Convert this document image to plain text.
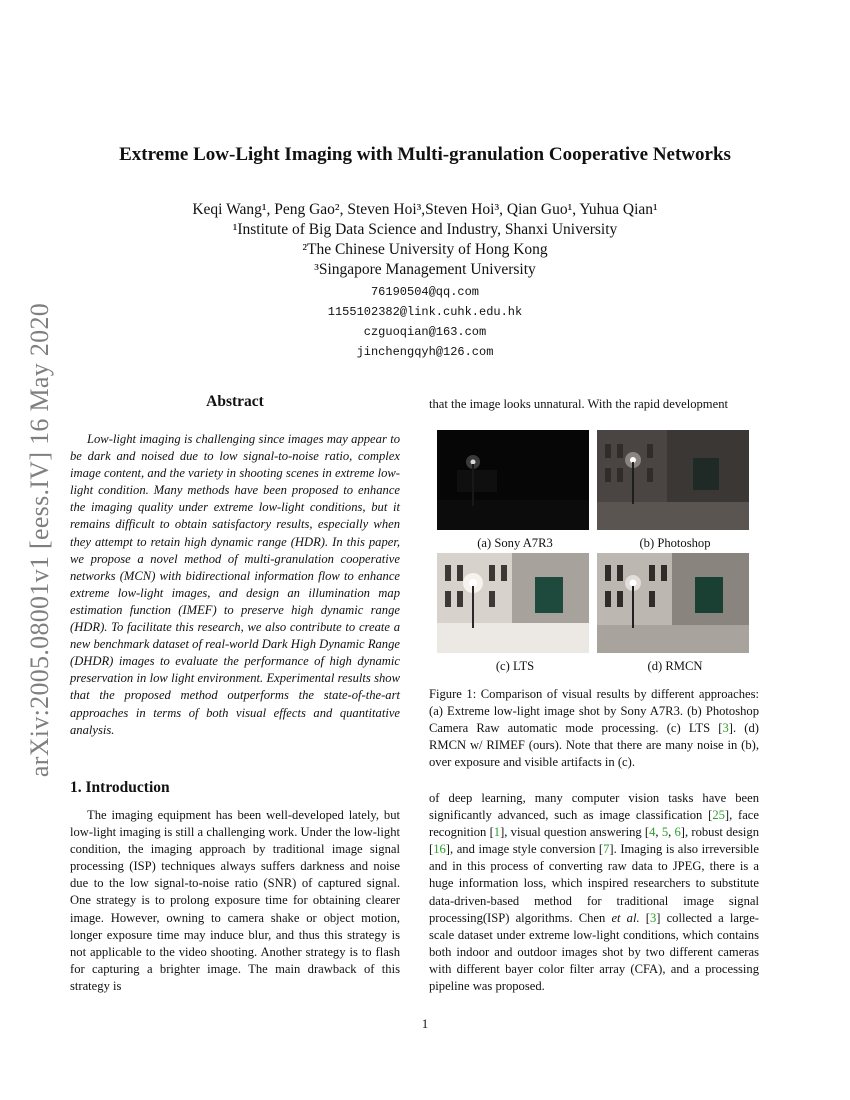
arXiv:2005.08001v1 [eess.IV] 16 May 2020
Extreme Low-Light Imaging with Multi-granulation Cooperative Networks
Keqi Wang¹, Peng Gao², Steven Hoi³,Steven Hoi³, Qian Guo¹, Yuhua Qian¹
¹Institute of Big Data Science and Industry, Shanxi University
²The Chinese University of Hong Kong
³Singapore Management University
76190504@qq.com
1155102382@link.cuhk.edu.hk
czguoqian@163.com
jinchengqyh@126.com
Abstract

Low-light imaging is challenging since images may appear to be dark and noised due to low signal-to-noise ratio, complex image content, and the variety in shooting scenes in extreme low-light condition. Many methods have been proposed to enhance the imaging quality under extreme low-light conditions, but it remains difficult to obtain satisfactory results, especially when they attempt to retain high dynamic range (HDR). In this paper, we propose a novel method of multi-granulation cooperative networks (MCN) with bidirectional information flow to enhance extreme low-light images, and design an illumination map estimation function (IMEF) to preserve high dynamic range (HDR). To facilitate this research, we also contribute to create a new benchmark dataset of real-world Dark High Dynamic Range (DHDR) images to evaluate the performance of high dynamic preservation in low light environment. Experimental results show that the proposed method outperforms the state-of-the-art approaches in terms of both visual effects and quantitative analysis.

1. Introduction

The imaging equipment has been well-developed lately, but low-light imaging is still a challenging work. Under the low-light condition, the imaging approach by traditional image signal processing (ISP) techniques always suffers darkness and noise due to the low signal-to-noise ratio (SNR) of captured signal. One strategy is to prolong exposure time for obtaining clearer image. However, owning to camera shake or object motion, longer exposure time may induce blur, and thus this strategy is not applicable to the video shooting. Another strategy is to flash for capturing a brighter image. The main drawback of this strategy is

that the image looks unnatural. With the rapid development
(a) Sony A7R3	(b) Photoshop
(c) LTS	(d) RMCN
Figure 1: Comparison of visual results by different approaches: (a) Extreme low-light image shot by Sony A7R3. (b) Photoshop Camera Raw automatic mode processing. (c) LTS [3]. (d) RMCN w/ RIMEF (ours). Note that there are many noise in (b), over exposure and visible artifacts in (c).
of deep learning, many computer vision tasks have been significantly advanced, such as image classification [25], face recognition [1], visual question answering [4, 5, 6], robust design [16], and image style conversion [7]. Imaging is also irreversible and in this process of converting raw data to JPEG, there is a huge information loss, which inspired researchers to substitute data-driven-based method for traditional image signal processing(ISP) algorithms. Chen et al. [3] collected a large-scale dataset under extreme low-light conditions, which contains both indoor and outdoor images shot by two different cameras with different bayer color filter array (CFA), and a processing pipeline was proposed.
1
